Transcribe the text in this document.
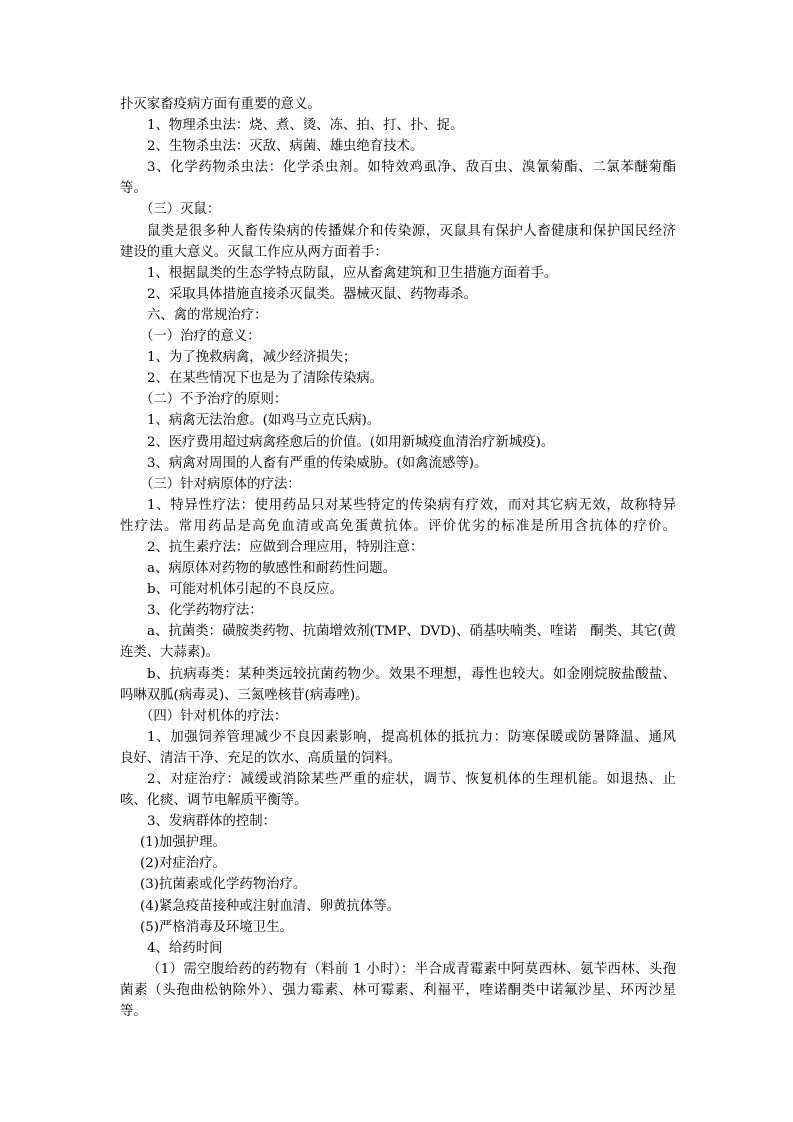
扑灭家畜疫病方面有重要的意义。
1、物理杀虫法：烧、煮、烫、冻、拍、打、扑、捉。
2、生物杀虫法：灭敌、病菌、雄虫绝育技术。
3、化学药物杀虫法：化学杀虫剂。如特效鸡虱净、敌百虫、溴氰菊酯、二氯苯醚菊酯
等。
（三）灭鼠：
鼠类是很多种人畜传染病的传播媒介和传染源，灭鼠具有保护人畜健康和保护国民经济
建设的重大意义。灭鼠工作应从两方面着手：
1、根据鼠类的生态学特点防鼠，应从畜禽建筑和卫生措施方面着手。
2、采取具体措施直接杀灭鼠类。器械灭鼠、药物毒杀。
六、禽的常规治疗：
（一）治疗的意义：
1、为了挽救病禽，减少经济损失；
2、在某些情况下也是为了清除传染病。
（二）不予治疗的原则：
1、病禽无法治愈。(如鸡马立克氏病)。
2、医疗费用超过病禽痊愈后的价值。(如用新城疫血清治疗新城疫)。
3、病禽对周围的人畜有严重的传染威胁。(如禽流感等)。
（三）针对病原体的疗法：
1、特异性疗法：使用药品只对某些特定的传染病有疗效，而对其它病无效，故称特异
性疗法。常用药品是高免血清或高免蛋黄抗体。评价优劣的标准是所用含抗体的疗价。
2、抗生素疗法：应做到合理应用，特别注意：
a、病原体对药物的敏感性和耐药性问题。
b、可能对机体引起的不良反应。
3、化学药物疗法：
a、抗菌类：磺胺类药物、抗菌增效剂(TMP、DVD)、硝基呋喃类、喹诺　酮类、其它(黄
连类、大蒜素)。
b、抗病毒类：某种类远较抗菌药物少。效果不理想，毒性也较大。如金刚烷胺盐酸盐、
吗啉双胍(病毒灵)、三氮唑核苷(病毒唑)。
（四）针对机体的疗法：
1、加强饲养管理减少不良因素影响，提高机体的抵抗力：防寒保暖或防暑降温、通风
良好、清洁干净、充足的饮水、高质量的饲料。
2、对症治疗：减缓或消除某些严重的症状，调节、恢复机体的生理机能。如退热、止
咳、化痰、调节电解质平衡等。
3、发病群体的控制：
(1)加强护理。
(2)对症治疗。
(3)抗菌素或化学药物治疗。
(4)紧急疫苗接种或注射血清、卵黄抗体等。
(5)严格消毒及环境卫生。
4、给药时间
（1）需空腹给药的药物有（料前 1 小时）：半合成青霉素中阿莫西林、氨苄西林、头孢
菌素（头孢曲松钠除外）、强力霉素、林可霉素、利福平，喹诺酮类中诺氟沙星、环丙沙星
等。
